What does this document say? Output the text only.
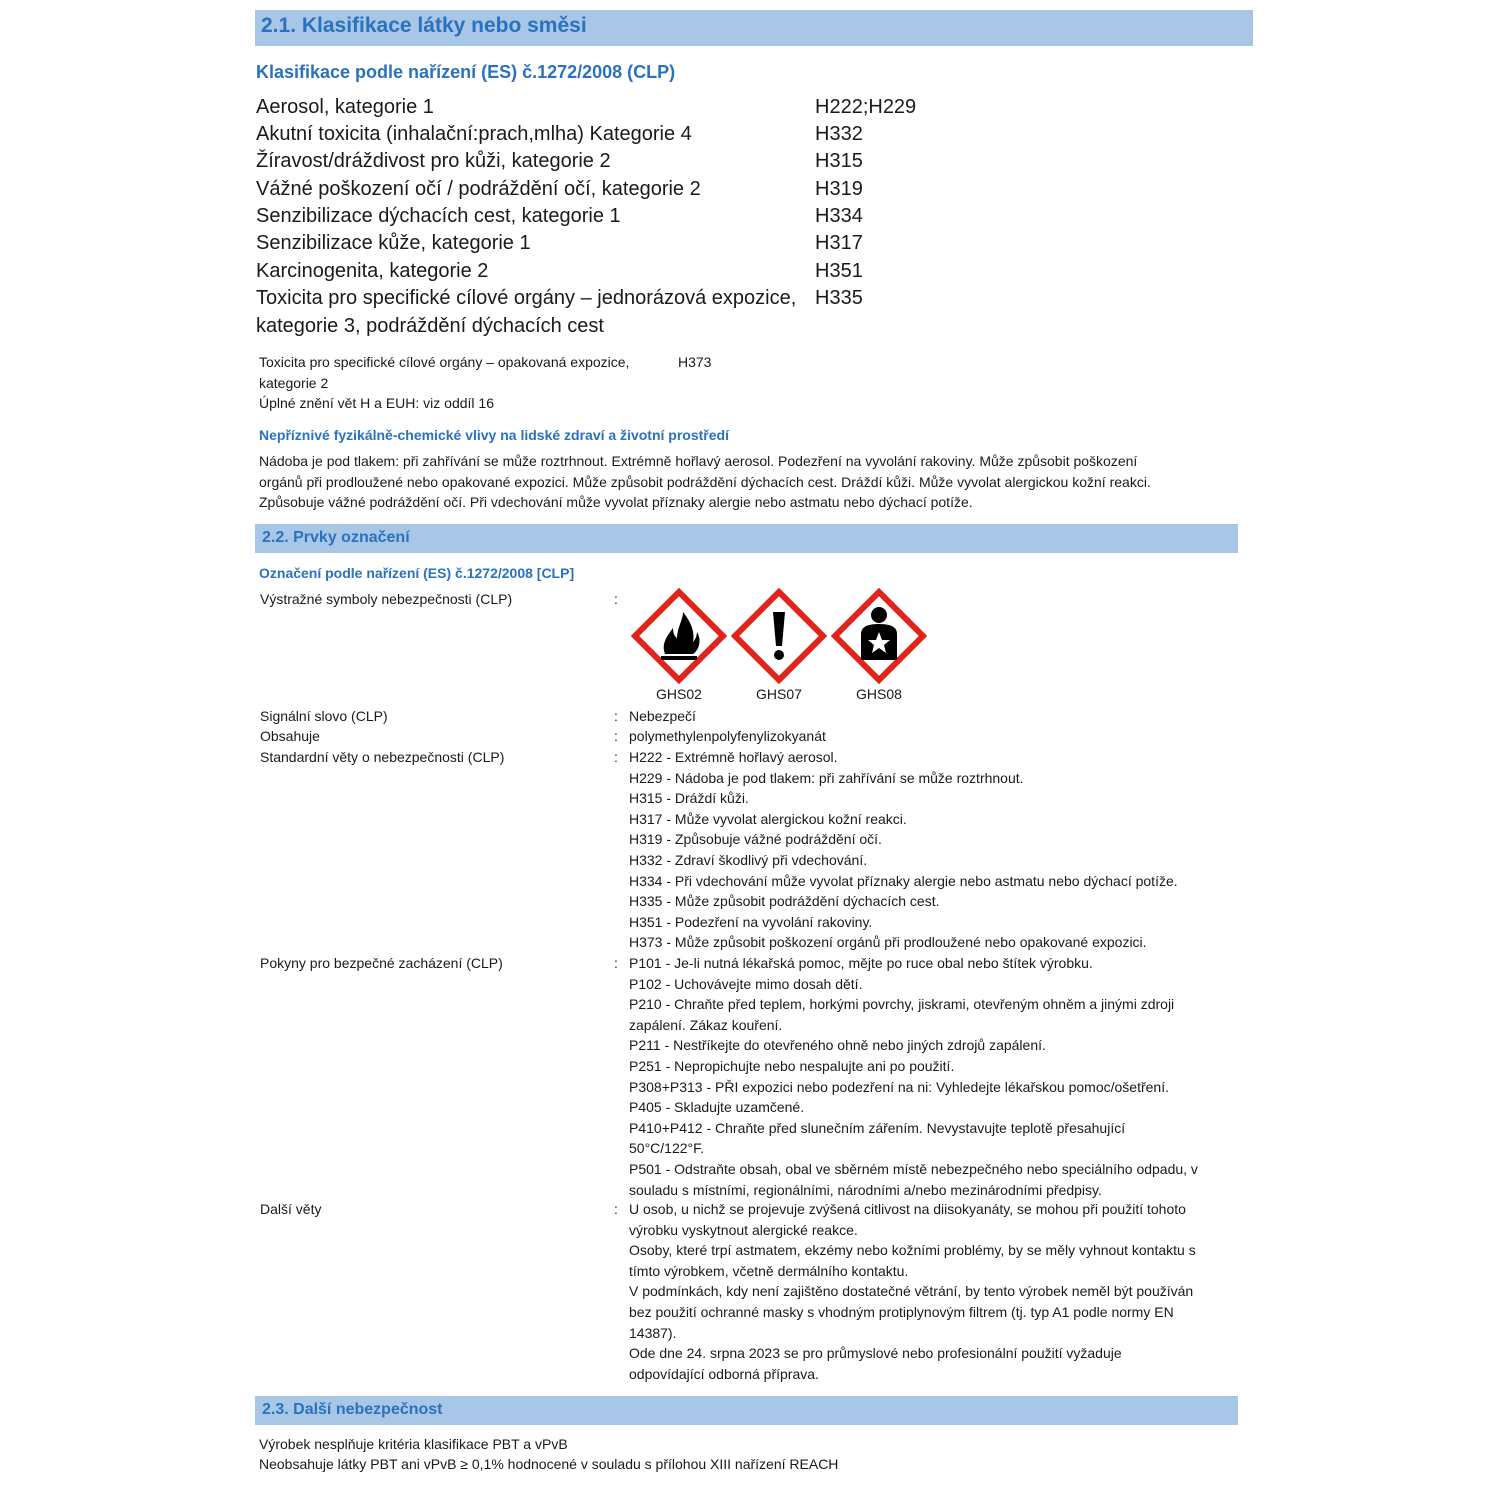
2.1. Klasifikace látky nebo směsi
Klasifikace podle nařízení (ES) č.1272/2008 (CLP)
Aerosol, kategorie 1	H222;H229
Akutní toxicita (inhalační:prach,mlha) Kategorie 4	H332
Žíravost/dráždivost pro kůži, kategorie 2	H315
Vážné poškození očí / podráždění očí, kategorie 2	H319
Senzibilizace dýchacích cest, kategorie 1	H334
Senzibilizace kůže, kategorie 1	H317
Karcinogenita, kategorie 2	H351
Toxicita pro specifické cílové orgány – jednorázová expozice, H335
kategorie 3, podráždění dýchacích cest
Toxicita pro specifické cílové orgány – opakovaná expozice,	H373
kategorie 2
Úplné znění vět H a EUH: viz oddíl 16
Nepříznivé fyzikálně-chemické vlivy na lidské zdraví a životní prostředí
Nádoba je pod tlakem: při zahřívání se může roztrhnout. Extrémně hořlavý aerosol. Podezření na vyvolání rakoviny. Může způsobit poškození
orgánů při prodloužené nebo opakované expozici. Může způsobit podráždění dýchacích cest. Dráždí kůži. Může vyvolat alergickou kožní reakci.
Způsobuje vážné podráždění očí. Při vdechování může vyvolat příznaky alergie nebo astmatu nebo dýchací potíže.
2.2. Prvky označení
Označení podle nařízení (ES) č.1272/2008 [CLP]
Výstražné symboly nebezpečnosti (CLP)	:
GHS02	GHS07	GHS08
Signální slovo (CLP)	: Nebezpečí
Obsahuje	: polymethylenpolyfenylizokyanát
Standardní věty o nebezpečnosti (CLP)	: H222 - Extrémně hořlavý aerosol.
H229 - Nádoba je pod tlakem: při zahřívání se může roztrhnout.
H315 - Dráždí kůži.
H317 - Může vyvolat alergickou kožní reakci.
H319 - Způsobuje vážné podráždění očí.
H332 - Zdraví škodlivý při vdechování.
H334 - Při vdechování může vyvolat příznaky alergie nebo astmatu nebo dýchací potíže.
H335 - Může způsobit podráždění dýchacích cest.
H351 - Podezření na vyvolání rakoviny.
H373 - Může způsobit poškození orgánů při prodloužené nebo opakované expozici.
Pokyny pro bezpečné zacházení (CLP)	: P101 - Je-li nutná lékařská pomoc, mějte po ruce obal nebo štítek výrobku.
P102 - Uchovávejte mimo dosah dětí.
P210 - Chraňte před teplem, horkými povrchy, jiskrami, otevřeným ohněm a jinými zdroji
zapálení. Zákaz kouření.
P211 - Nestříkejte do otevřeného ohně nebo jiných zdrojů zapálení.
P251 - Nepropichujte nebo nespalujte ani po použití.
P308+P313 - PŘI expozici nebo podezření na ni: Vyhledejte lékařskou pomoc/ošetření.
P405 - Skladujte uzamčené.
P410+P412 - Chraňte před slunečním zářením. Nevystavujte teplotě přesahující
50°C/122°F.
P501 - Odstraňte obsah, obal ve sběrném místě nebezpečného nebo speciálního odpadu, v
souladu s místními, regionálními, národními a/nebo mezinárodními předpisy.
Další věty	: U osob, u nichž se projevuje zvýšená citlivost na diisokyanáty, se mohou při použití tohoto
výrobku vyskytnout alergické reakce.
Osoby, které trpí astmatem, ekzémy nebo kožními problémy, by se měly vyhnout kontaktu s
tímto výrobkem, včetně dermálního kontaktu.
V podmínkách, kdy není zajištěno dostatečné větrání, by tento výrobek neměl být používán
bez použití ochranné masky s vhodným protiplynovým filtrem (tj. typ A1 podle normy EN
14387).
Ode dne 24. srpna 2023 se pro průmyslové nebo profesionální použití vyžaduje
odpovídající odborná příprava.
2.3. Další nebezpečnost
Výrobek nesplňuje kritéria klasifikace PBT a vPvB
Neobsahuje látky PBT ani vPvB ≥ 0,1% hodnocené v souladu s přílohou XIII nařízení REACH
